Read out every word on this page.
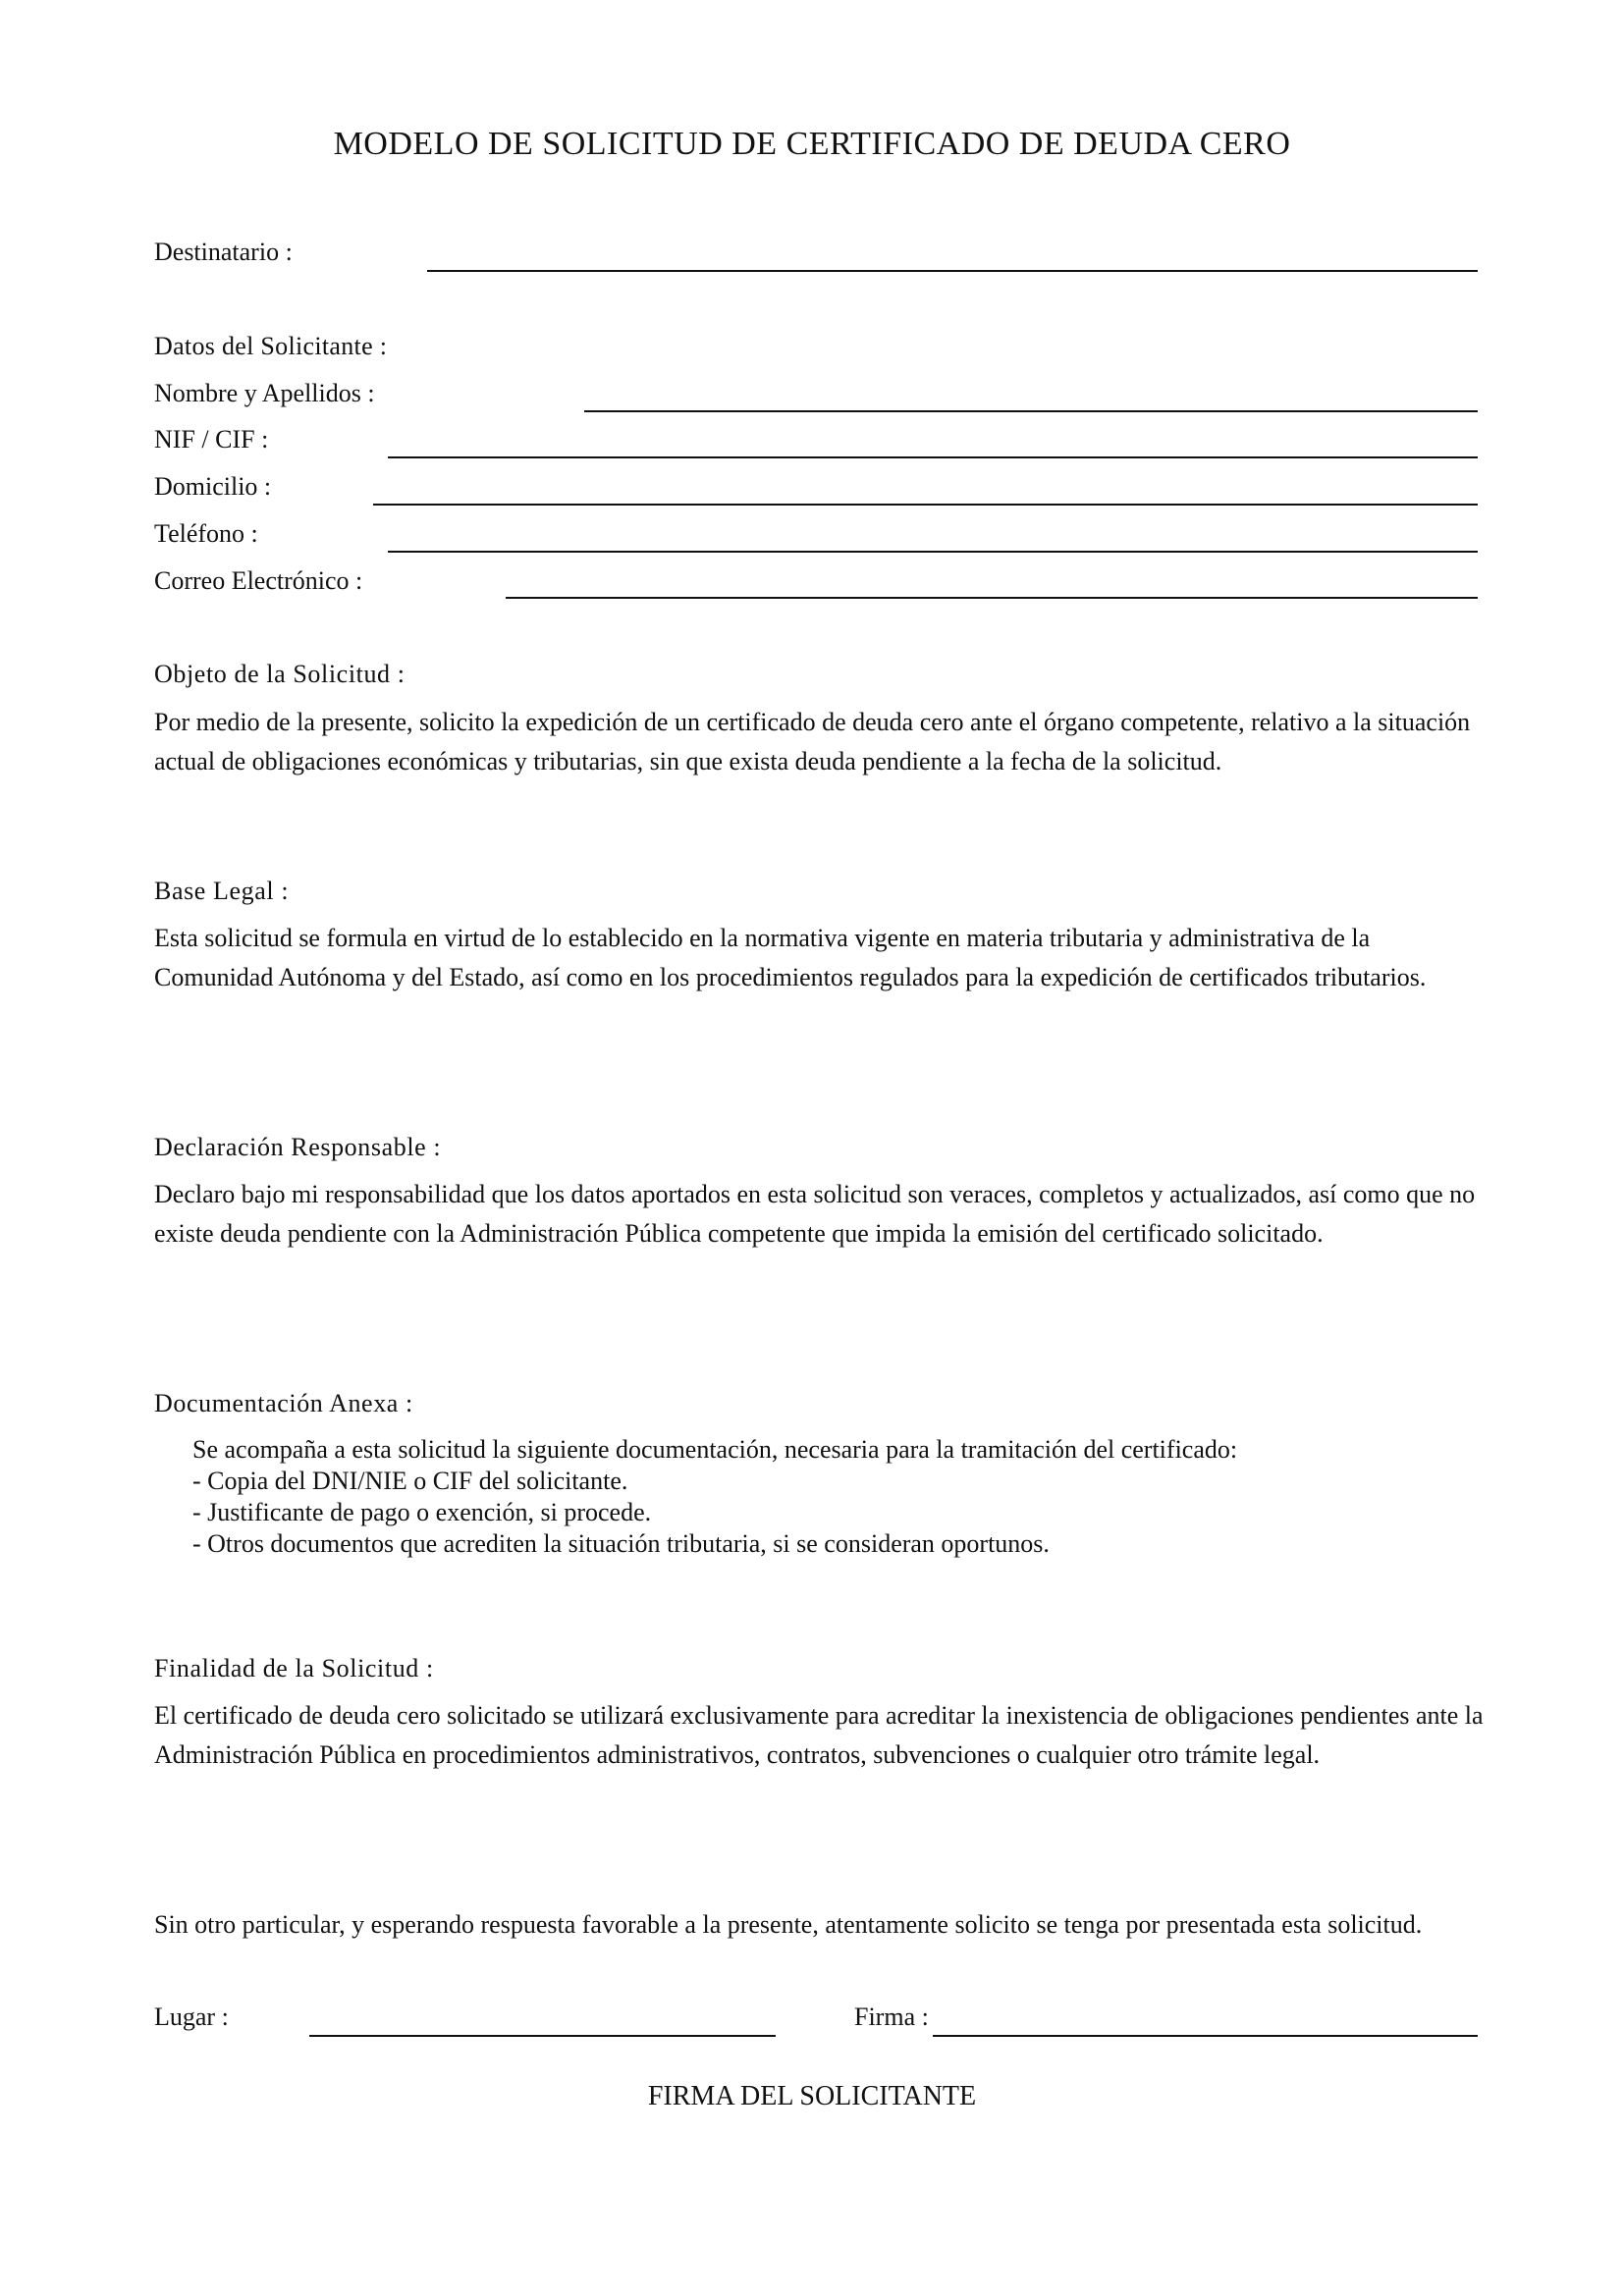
MODELO DE SOLICITUD DE CERTIFICADO DE DEUDA CERO
Destinatario :
Datos del Solicitante :
Nombre y Apellidos :
NIF / CIF :
Domicilio :
Teléfono :
Correo Electrónico :
Objeto de la Solicitud :
Por medio de la presente, solicito la expedición de un certificado de deuda cero ante el órgano competente, relativo a la situación actual de obligaciones económicas y tributarias, sin que exista deuda pendiente a la fecha de la solicitud.
Base Legal :
Esta solicitud se formula en virtud de lo establecido en la normativa vigente en materia tributaria y administrativa de la Comunidad Autónoma y del Estado, así como en los procedimientos regulados para la expedición de certificados tributarios.
Declaración Responsable :
Declaro bajo mi responsabilidad que los datos aportados en esta solicitud son veraces, completos y actualizados, así como que no existe deuda pendiente con la Administración Pública competente que impida la emisión del certificado solicitado.
Documentación Anexa :
Se acompaña a esta solicitud la siguiente documentación, necesaria para la tramitación del certificado:
- Copia del DNI/NIE o CIF del solicitante.
- Justificante de pago o exención, si procede.
- Otros documentos que acrediten la situación tributaria, si se consideran oportunos.
Finalidad de la Solicitud :
El certificado de deuda cero solicitado se utilizará exclusivamente para acreditar la inexistencia de obligaciones pendientes ante la Administración Pública en procedimientos administrativos, contratos, subvenciones o cualquier otro trámite legal.
Sin otro particular, y esperando respuesta favorable a la presente, atentamente solicito se tenga por presentada esta solicitud.
Lugar :	Firma :
FIRMA DEL SOLICITANTE
